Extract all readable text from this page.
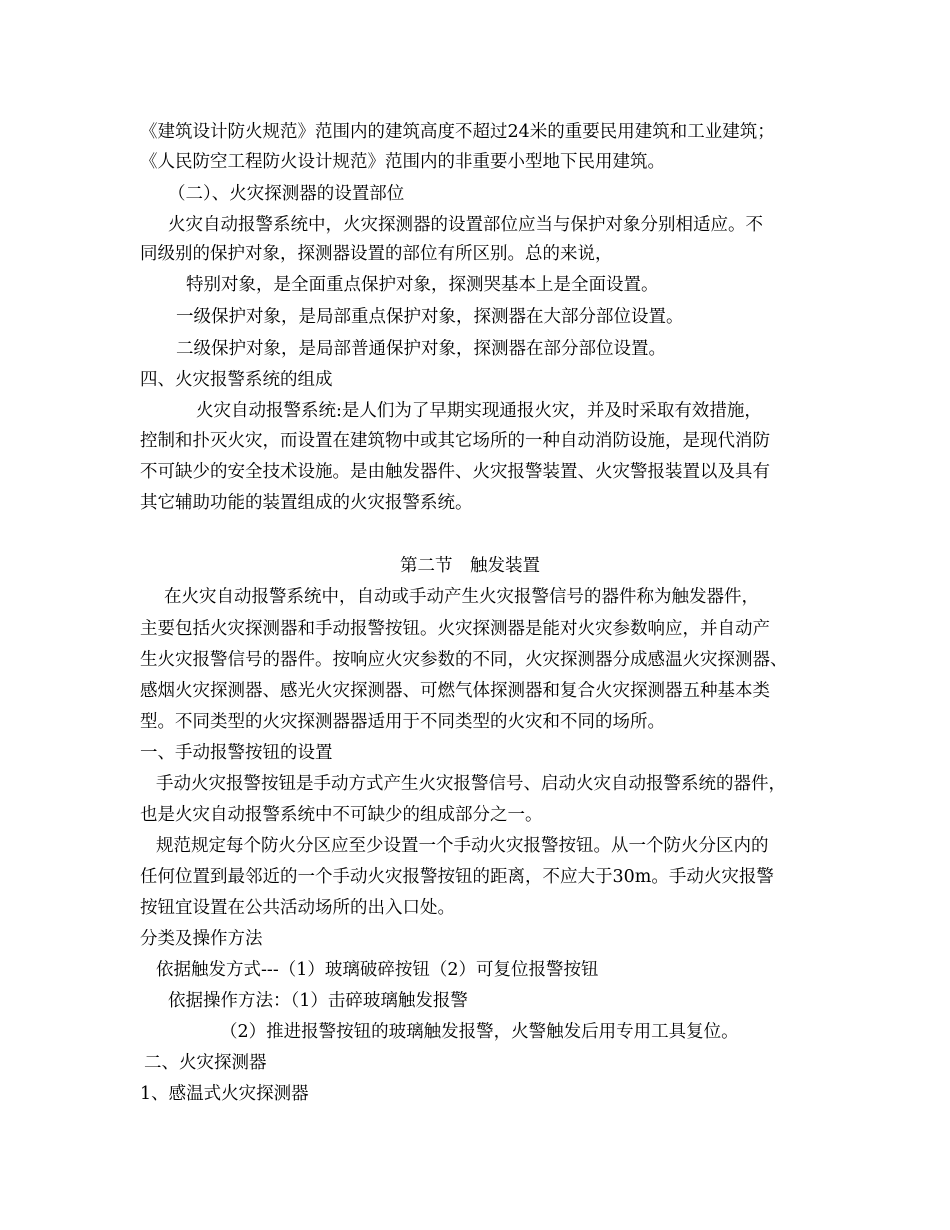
《建筑设计防火规范》范围内的建筑高度不超过24米的重要民用建筑和工业建筑；
《人民防空工程防火设计规范》范围内的非重要小型地下民用建筑。
（二）、火灾探测器的设置部位
火灾自动报警系统中，火灾探测器的设置部位应当与保护对象分别相适应。不
同级别的保护对象，探测器设置的部位有所区别。总的来说，
特别对象，是全面重点保护对象，探测哭基本上是全面设置。
一级保护对象，是局部重点保护对象，探测器在大部分部位设置。
二级保护对象，是局部普通保护对象，探测器在部分部位设置。
四、火灾报警系统的组成
火灾自动报警系统:是人们为了早期实现通报火灾，并及时采取有效措施，
控制和扑灭火灾，而设置在建筑物中或其它场所的一种自动消防设施，是现代消防
不可缺少的安全技术设施。是由触发器件、火灾报警装置、火灾警报装置以及具有
其它辅助功能的装置组成的火灾报警系统。
第二节　触发装置
在火灾自动报警系统中，自动或手动产生火灾报警信号的器件称为触发器件，
主要包括火灾探测器和手动报警按钮。火灾探测器是能对火灾参数响应，并自动产
生火灾报警信号的器件。按响应火灾参数的不同，火灾探测器分成感温火灾探测器、
感烟火灾探测器、感光火灾探测器、可燃气体探测器和复合火灾探测器五种基本类
型。不同类型的火灾探测器器适用于不同类型的火灾和不同的场所。
一、手动报警按钮的设置
手动火灾报警按钮是手动方式产生火灾报警信号、启动火灾自动报警系统的器件，
也是火灾自动报警系统中不可缺少的组成部分之一。
规范规定每个防火分区应至少设置一个手动火灾报警按钮。从一个防火分区内的
任何位置到最邻近的一个手动火灾报警按钮的距离，不应大于30m。手动火灾报警
按钮宜设置在公共活动场所的出入口处。
分类及操作方法
依据触发方式---（1）玻璃破碎按钮（2）可复位报警按钮
依据操作方法：（1）击碎玻璃触发报警
（2）推进报警按钮的玻璃触发报警，火警触发后用专用工具复位。
二、火灾探测器
1、感温式火灾探测器
